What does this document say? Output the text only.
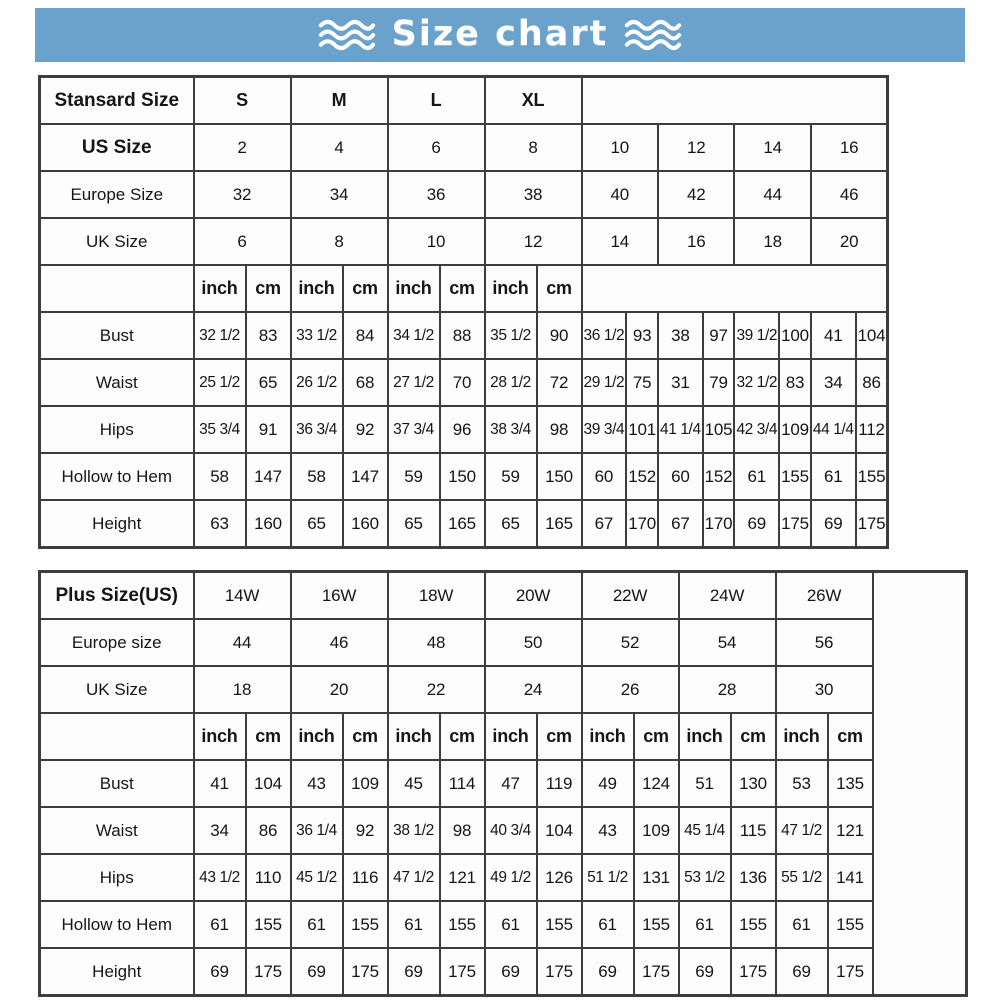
Size chart
Stansard Size	S		M		L		XL									
US Size	2		4		6		8		10		12		14		16	
Europe Size	32		34		36		38		40		42		44		46	
UK Size	6		8		10		12		14		16		18		20	
	inch	cm	inch	cm	inch	cm	inch	cm								
Bust	32 1/2	83	33 1/2	84	34 1/2	88	35 1/2	90	36 1/2	93	38	97	39 1/2	100	41	104
Waist	25 1/2	65	26 1/2	68	27 1/2	70	28 1/2	72	29 1/2	75	31	79	32 1/2	83	34	86
Hips	35 3/4	91	36 3/4	92	37 3/4	96	38 3/4	98	39 3/4	101	41 1/4	105	42 3/4	109	44 1/4	112
Hollow to Hem	58	147	58	147	59	150	59	150	60	152	60	152	61	155	61	155
Height	63	160	65	160	65	165	65	165	67	170	67	170	69	175	69	175
Plus Size(US)	14W		16W		18W		20W		22W		24W		26W		
Europe size	44		46		48		50		52		54		56		
UK Size	18		20		22		24		26		28		30		
	inch	cm	inch	cm	inch	cm	inch	cm	inch	cm	inch	cm	inch	cm	
Bust	41	104	43	109	45	114	47	119	49	124	51	130	53	135	
Waist	34	86	36 1/4	92	38 1/2	98	40 3/4	104	43	109	45 1/4	115	47 1/2	121	
Hips	43 1/2	110	45 1/2	116	47 1/2	121	49 1/2	126	51 1/2	131	53 1/2	136	55 1/2	141	
Hollow to Hem	61	155	61	155	61	155	61	155	61	155	61	155	61	155	
Height	69	175	69	175	69	175	69	175	69	175	69	175	69	175	
